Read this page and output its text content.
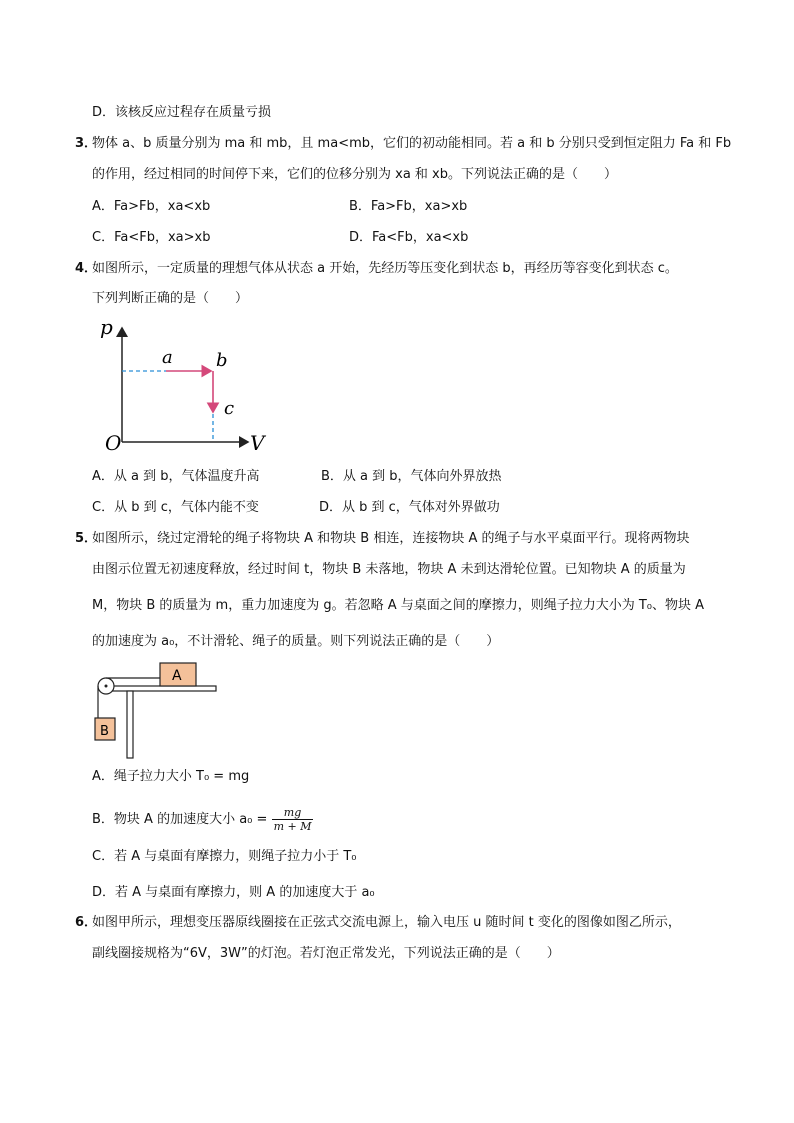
D．该核反应过程存在质量亏损
3．
物体 a、b 质量分别为 ma 和 mb，且 ma<mb，它们的初动能相同。若 a 和 b 分别只受到恒定阻力 Fa 和 Fb
的作用，经过相同的时间停下来，它们的位移分别为 xa 和 xb。下列说法正确的是（　　）
A．Fa>Fb，xa<xb	B．Fa>Fb，xa>xb
C．Fa<Fb，xa>xb	D．Fa<Fb，xa<xb
4．
如图所示，一定质量的理想气体从状态 a 开始，先经历等压变化到状态 b，再经历等容变化到状态 c。
下列判断正确的是（　　）
p
a b
c
O	V
A．从 a 到 b，气体温度升高	B．从 a 到 b，气体向外界放热
C．从 b 到 c，气体内能不变	D．从 b 到 c，气体对外界做功
5．
如图所示，绕过定滑轮的绳子将物块 A 和物块 B 相连，连接物块 A 的绳子与水平桌面平行。现将两物块
由图示位置无初速度释放，经过时间 t，物块 B 未落地，物块 A 未到达滑轮位置。已知物块 A 的质量为
M，物块 B 的质量为 m，重力加速度为 g。若忽略 A 与桌面之间的摩擦力，则绳子拉力大小为 T₀、物块 A
的加速度为 a₀，不计滑轮、绳子的质量。则下列说法正确的是（　　）
A
B
A．绳子拉力大小 T₀ = mg
B．物块 A 的加速度大小 $a_0 = \frac{mg}{m + M}$
C．若 A 与桌面有摩擦力，则绳子拉力小于 T₀
D．若 A 与桌面有摩擦力，则 A 的加速度大于 a₀
6．
如图甲所示，理想变压器原线圈接在正弦式交流电源上，输入电压 u 随时间 t 变化的图像如图乙所示，
副线圈接规格为“6V，3W”的灯泡。若灯泡正常发光，下列说法正确的是（　　）
